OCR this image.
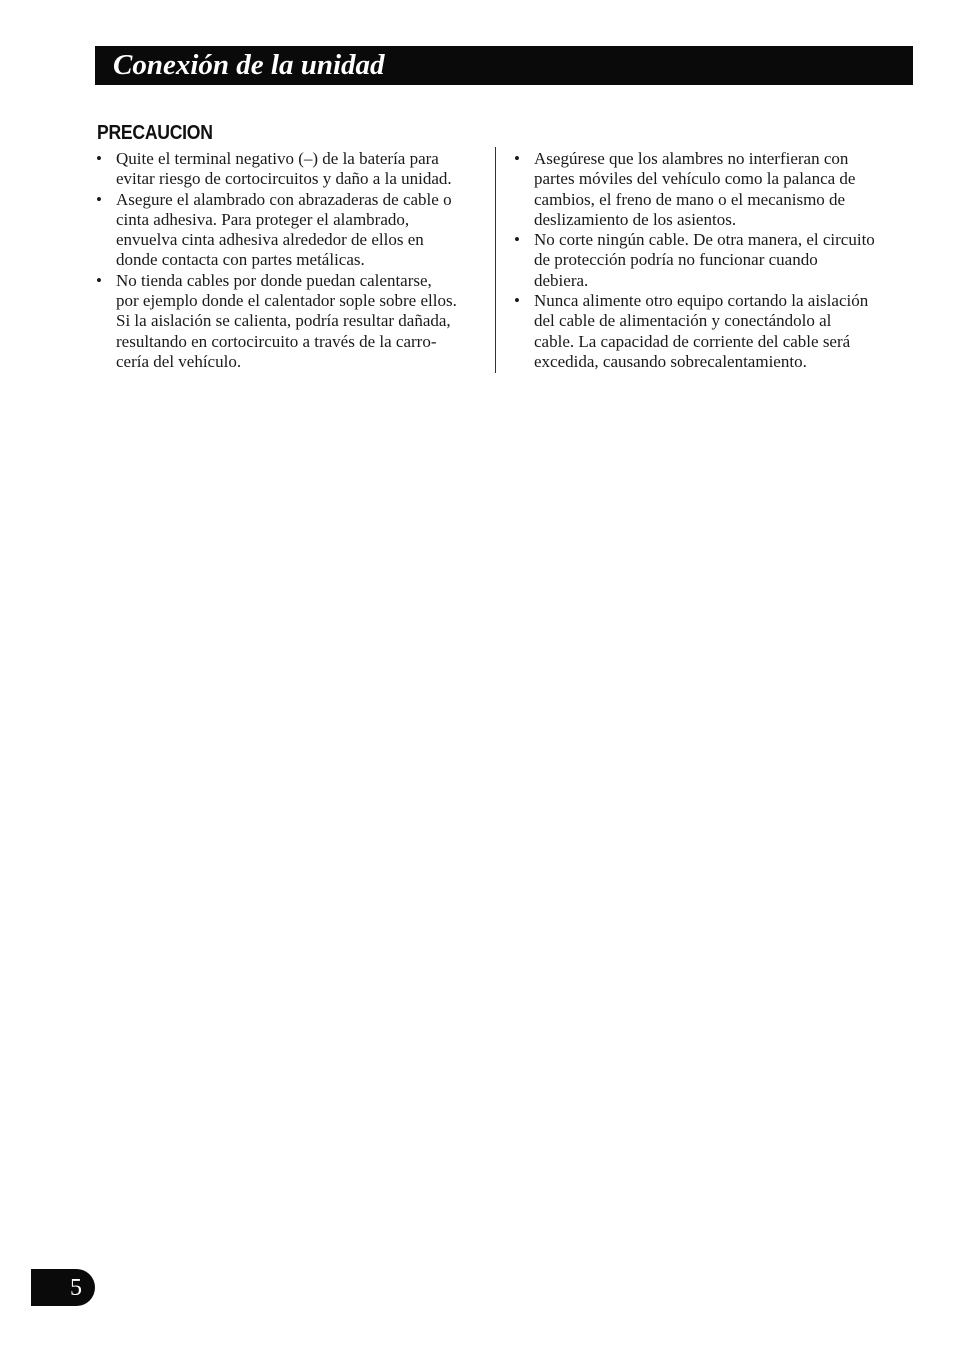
Conexión de la unidad
PRECAUCION
• Quite el terminal negativo (–) de la batería para
evitar riesgo de cortocircuitos y daño a la unidad.
• Asegure el alambrado con abrazaderas de cable o
cinta adhesiva. Para proteger el alambrado,
envuelva cinta adhesiva alrededor de ellos en
donde contacta con partes metálicas.
• No tienda cables por donde puedan calentarse,
por ejemplo donde el calentador sople sobre ellos.
Si la aislación se calienta, podría resultar dañada,
resultando en cortocircuito a través de la carro-
cería del vehículo.
• Asegúrese que los alambres no interfieran con
partes móviles del vehículo como la palanca de
cambios, el freno de mano o el mecanismo de
deslizamiento de los asientos.
• No corte ningún cable. De otra manera, el circuito
de protección podría no funcionar cuando
debiera.
• Nunca alimente otro equipo cortando la aislación
del cable de alimentación y conectándolo al
cable. La capacidad de corriente del cable será
excedida, causando sobrecalentamiento.
5
